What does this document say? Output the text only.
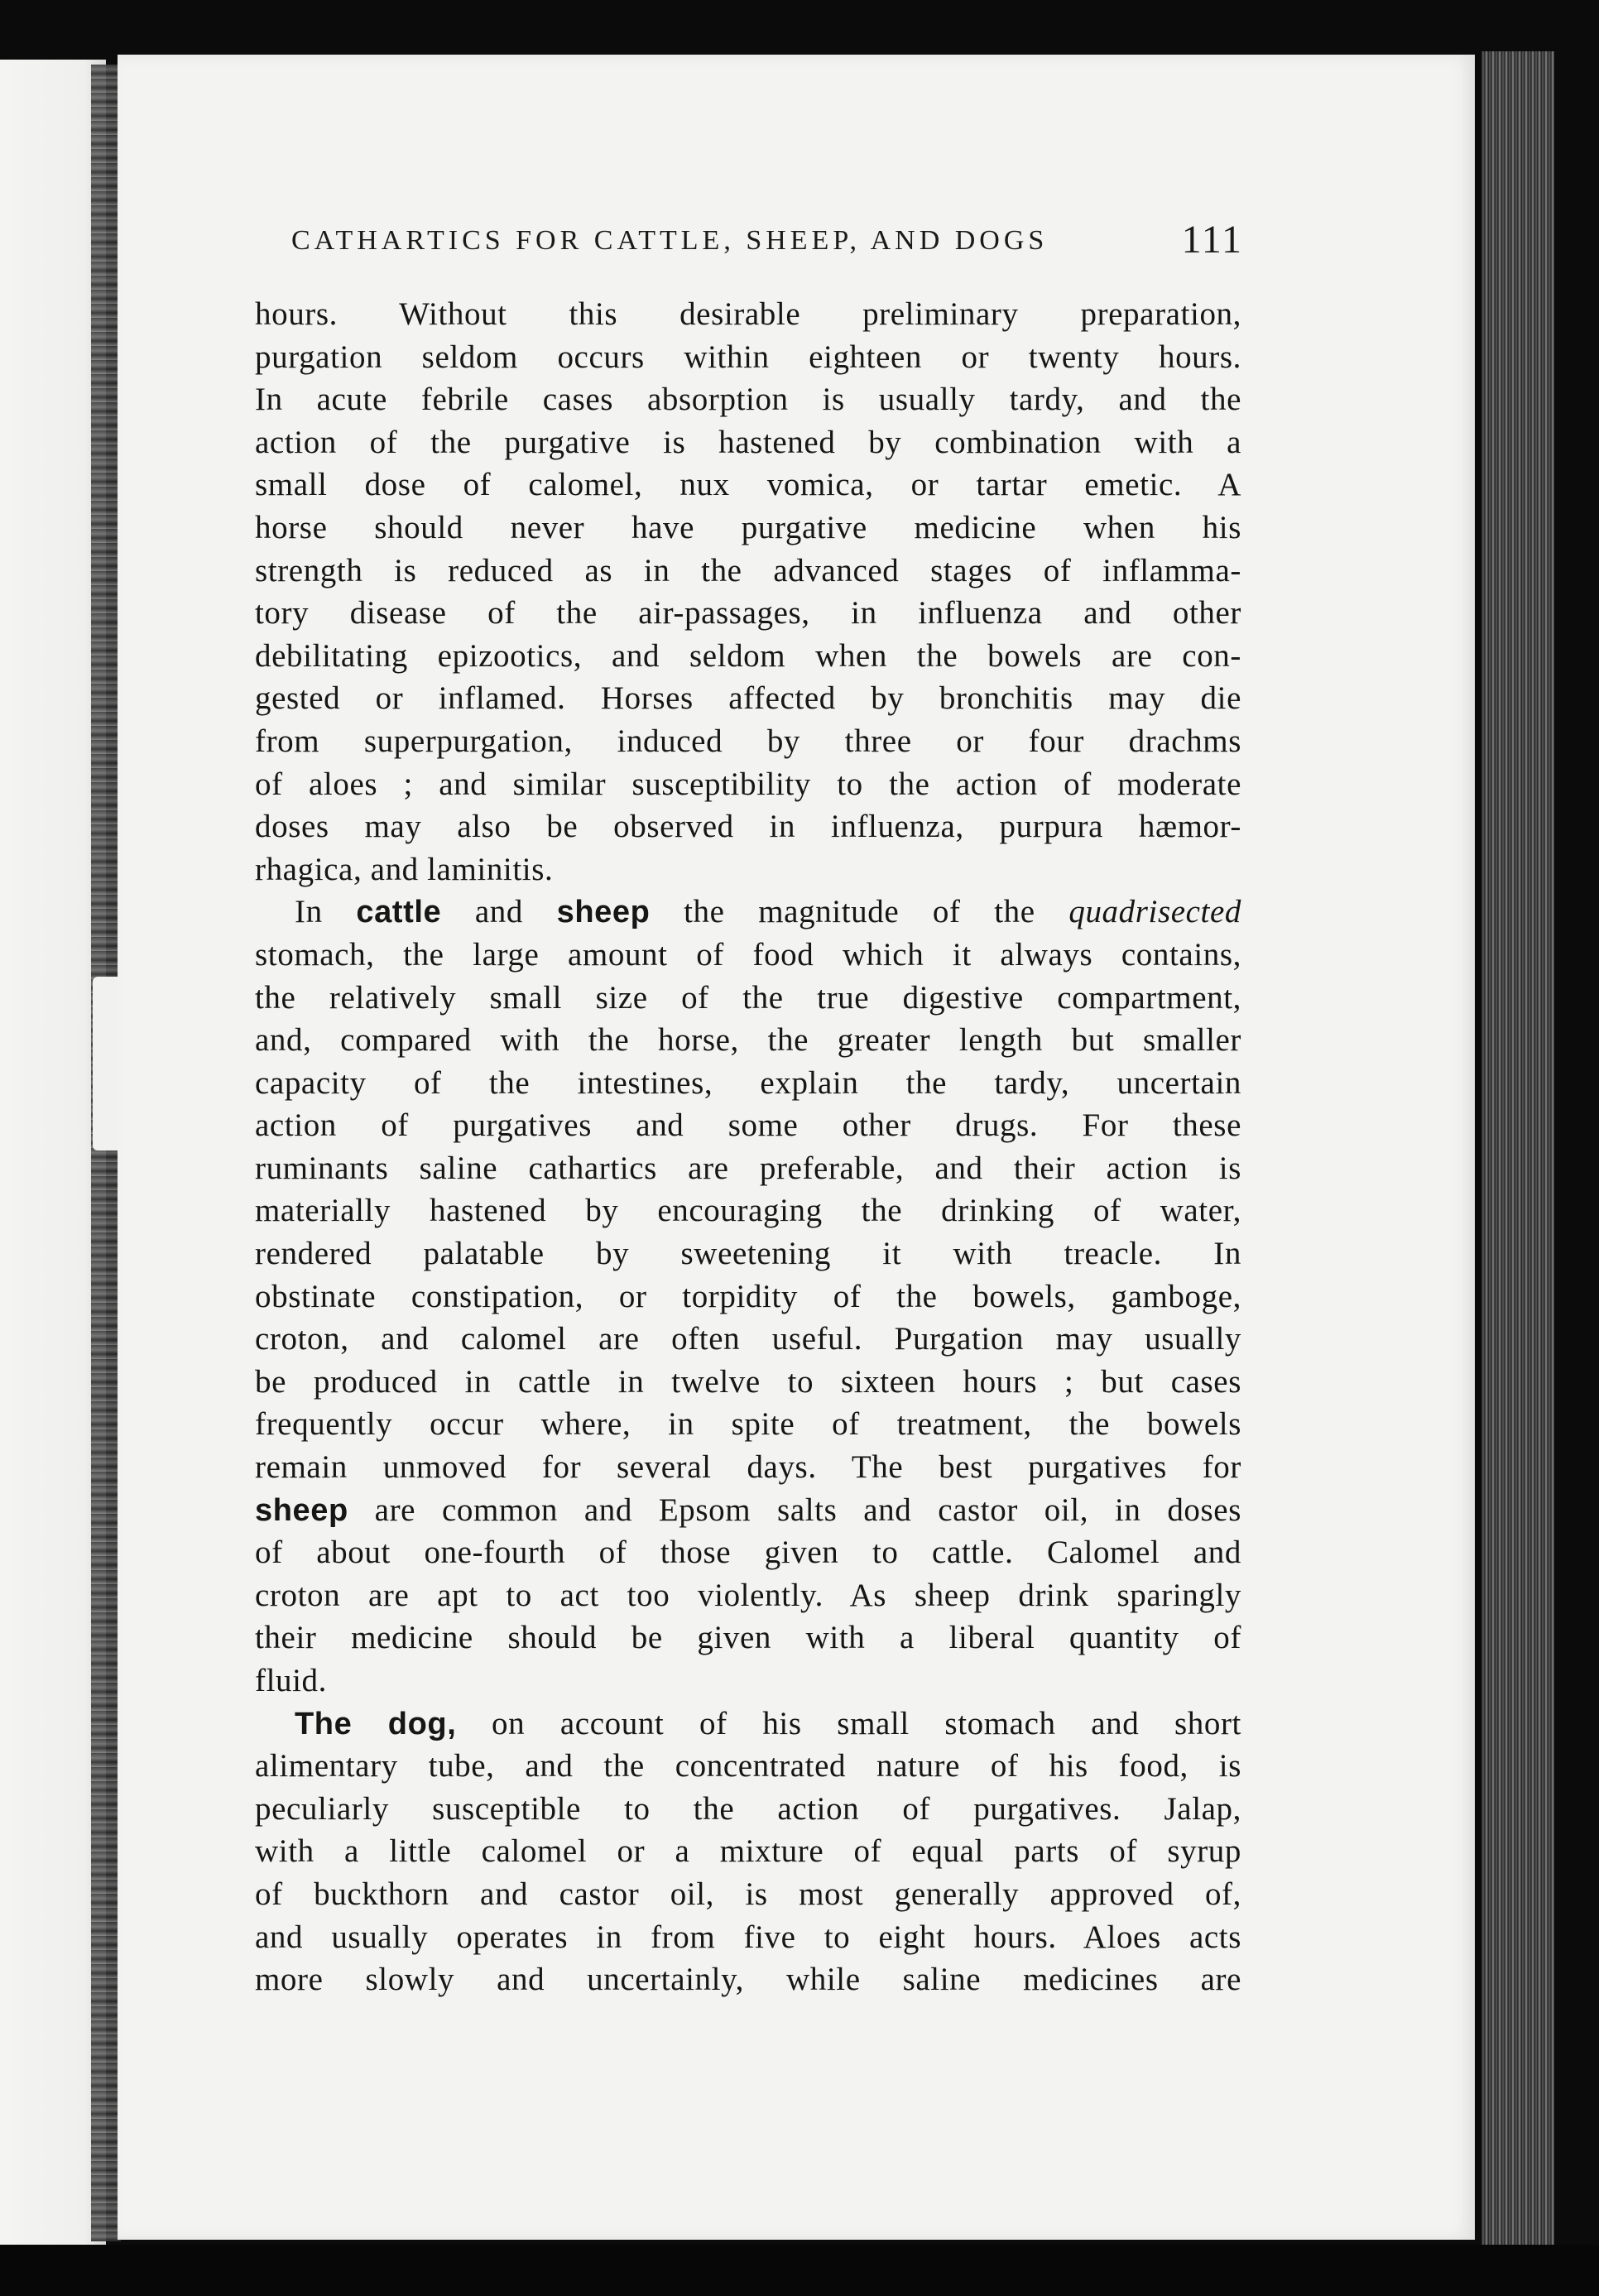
CATHARTICS FOR CATTLE, SHEEP, AND DOGS	111
hours. Without this desirable preliminary preparation,
purgation seldom occurs within eighteen or twenty hours.
In acute febrile cases absorption is usually tardy, and the
action of the purgative is hastened by combination with a
small dose of calomel, nux vomica, or tartar emetic. A
horse should never have purgative medicine when his
strength is reduced as in the advanced stages of inflamma-
tory disease of the air-passages, in influenza and other
debilitating epizootics, and seldom when the bowels are con-
gested or inflamed. Horses affected by bronchitis may die
from superpurgation, induced by three or four drachms
of aloes ; and similar susceptibility to the action of moderate
doses may also be observed in influenza, purpura hæmor-
rhagica, and laminitis.
In cattle and sheep the magnitude of the quadrisected
stomach, the large amount of food which it always contains,
the relatively small size of the true digestive compartment,
and, compared with the horse, the greater length but smaller
capacity of the intestines, explain the tardy, uncertain
action of purgatives and some other drugs. For these
ruminants saline cathartics are preferable, and their action is
materially hastened by encouraging the drinking of water,
rendered palatable by sweetening it with treacle. In
obstinate constipation, or torpidity of the bowels, gamboge,
croton, and calomel are often useful. Purgation may usually
be produced in cattle in twelve to sixteen hours ; but cases
frequently occur where, in spite of treatment, the bowels
remain unmoved for several days. The best purgatives for
sheep are common and Epsom salts and castor oil, in doses
of about one-fourth of those given to cattle. Calomel and
croton are apt to act too violently. As sheep drink sparingly
their medicine should be given with a liberal quantity of
fluid.
The dog, on account of his small stomach and short
alimentary tube, and the concentrated nature of his food, is
peculiarly susceptible to the action of purgatives. Jalap,
with a little calomel or a mixture of equal parts of syrup
of buckthorn and castor oil, is most generally approved of,
and usually operates in from five to eight hours. Aloes acts
more slowly and uncertainly, while saline medicines are
